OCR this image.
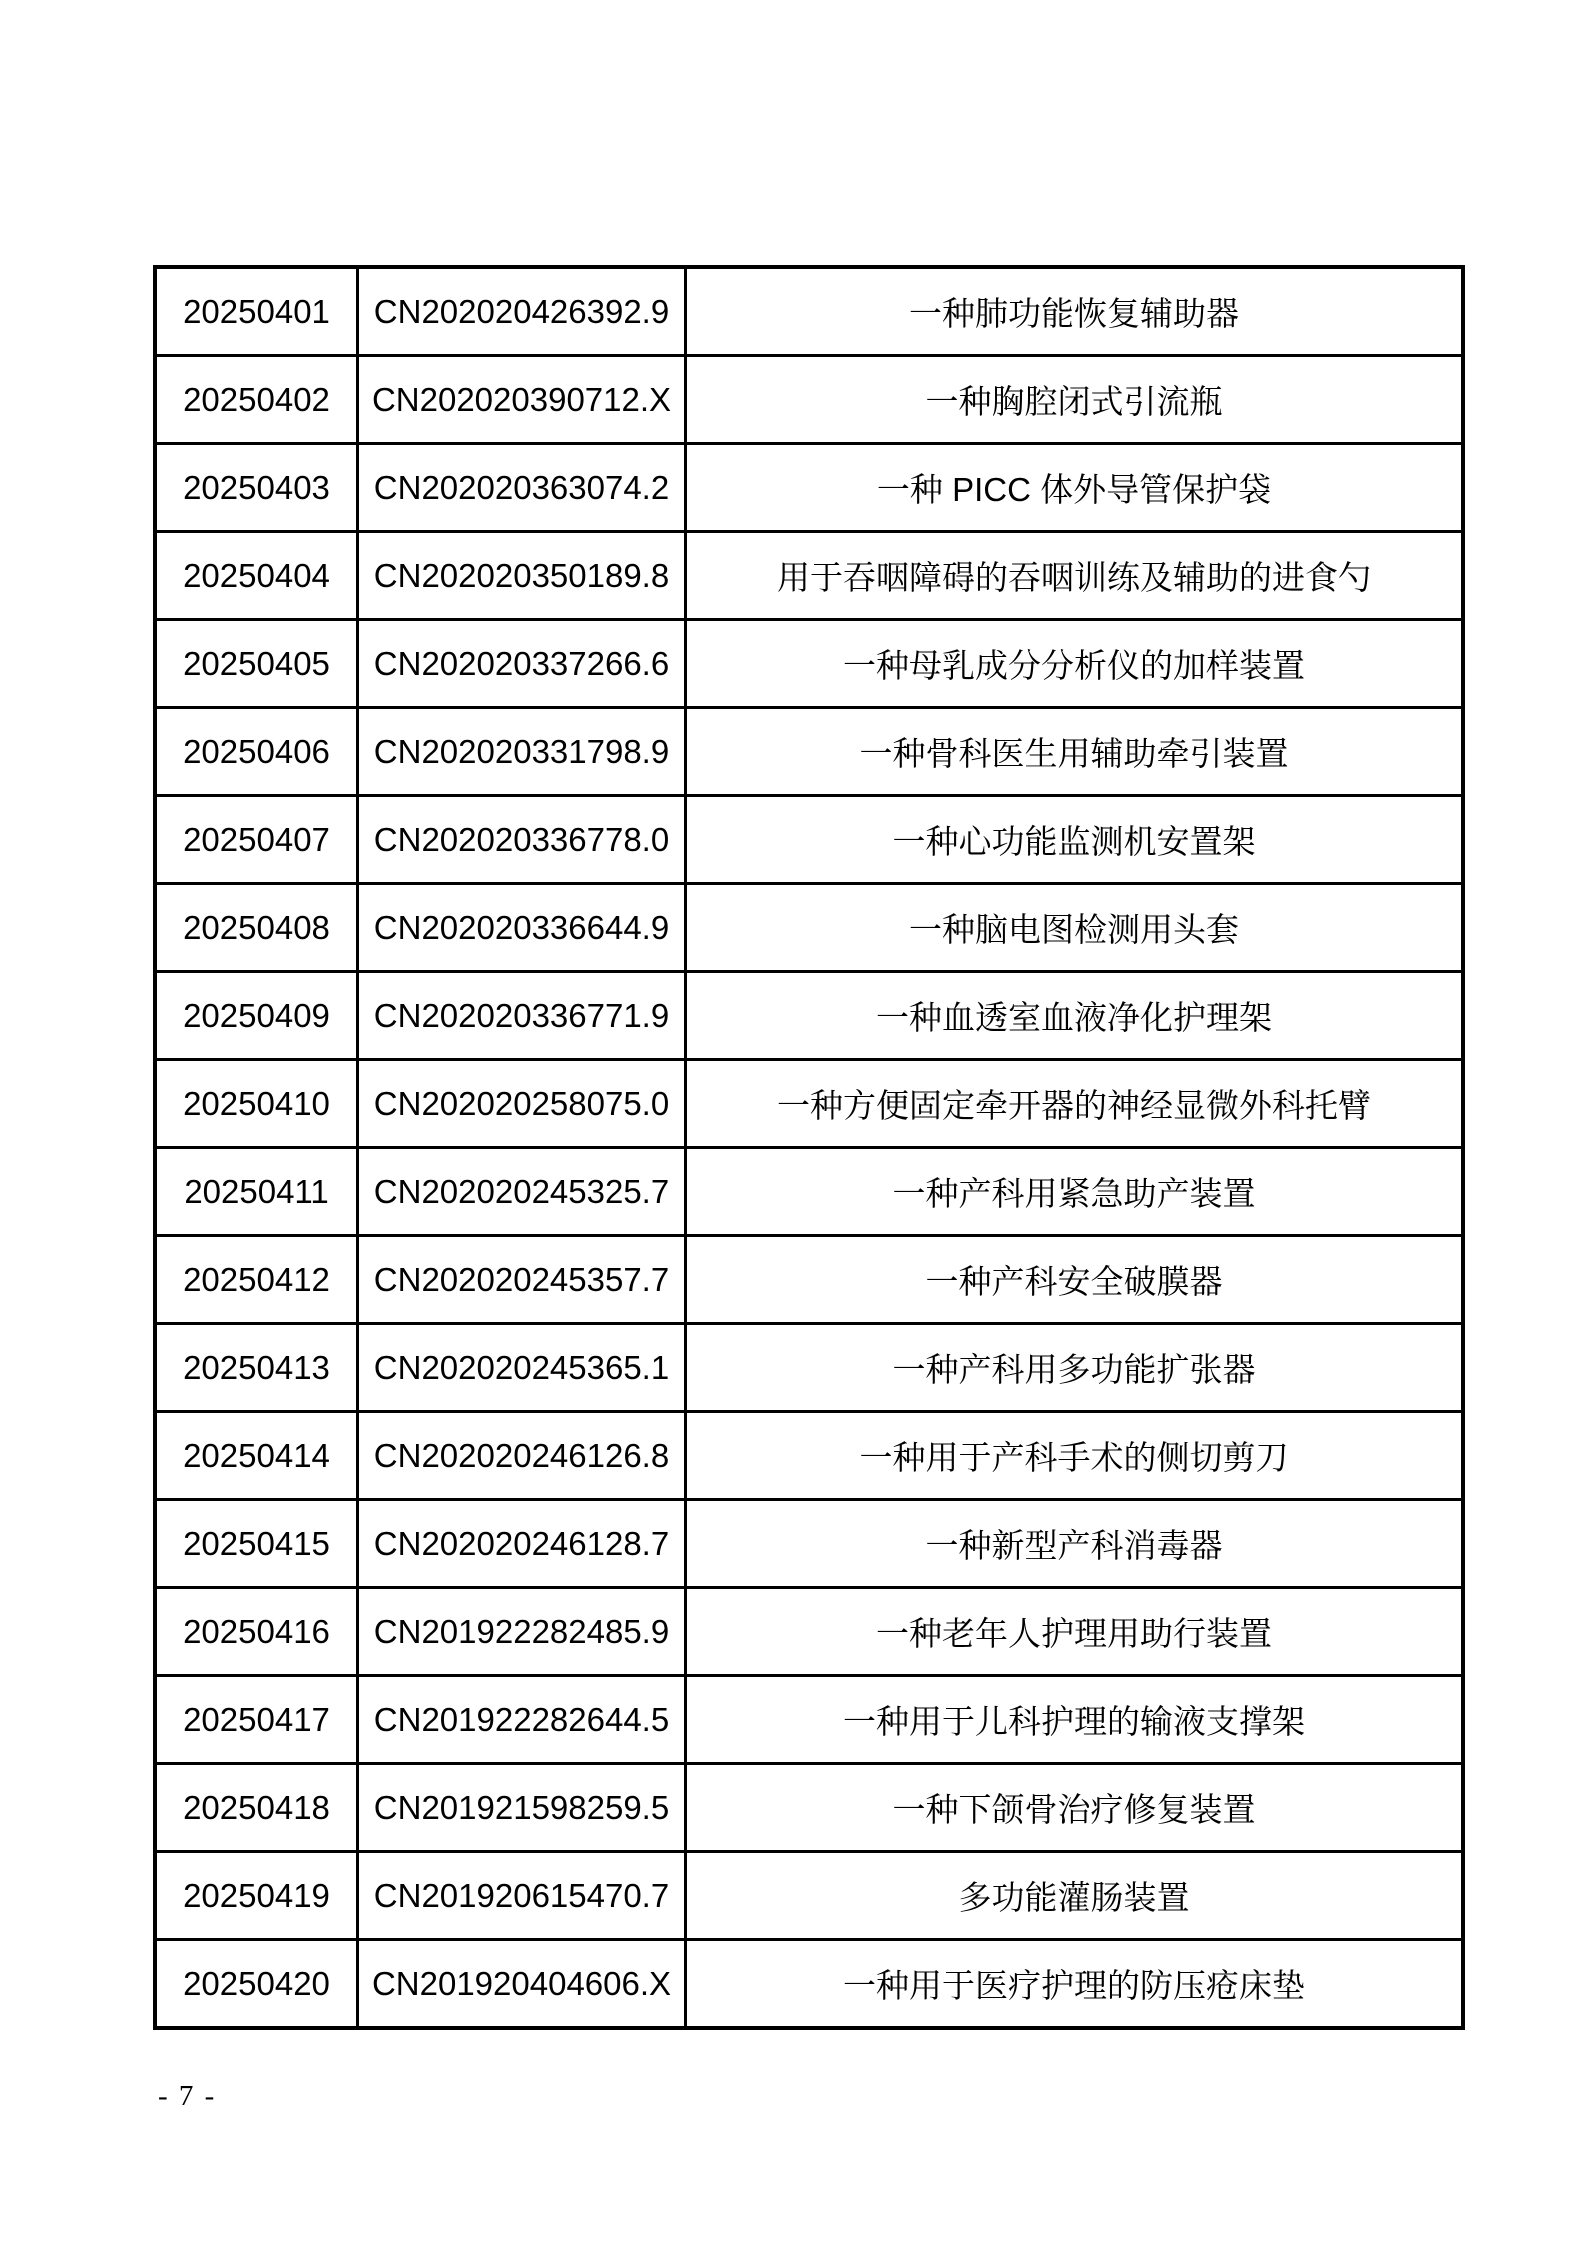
20250401	CN202020426392.9	一种肺功能恢复辅助器
20250402	CN202020390712.X	一种胸腔闭式引流瓶
20250403	CN202020363074.2	一种 PICC 体外导管保护袋
20250404	CN202020350189.8	用于吞咽障碍的吞咽训练及辅助的进食勺
20250405	CN202020337266.6	一种母乳成分分析仪的加样装置
20250406	CN202020331798.9	一种骨科医生用辅助牵引装置
20250407	CN202020336778.0	一种心功能监测机安置架
20250408	CN202020336644.9	一种脑电图检测用头套
20250409	CN202020336771.9	一种血透室血液净化护理架
20250410	CN202020258075.0	一种方便固定牵开器的神经显微外科托臂
20250411	CN202020245325.7	一种产科用紧急助产装置
20250412	CN202020245357.7	一种产科安全破膜器
20250413	CN202020245365.1	一种产科用多功能扩张器
20250414	CN202020246126.8	一种用于产科手术的侧切剪刀
20250415	CN202020246128.7	一种新型产科消毒器
20250416	CN201922282485.9	一种老年人护理用助行装置
20250417	CN201922282644.5	一种用于儿科护理的输液支撑架
20250418	CN201921598259.5	一种下颌骨治疗修复装置
20250419	CN201920615470.7	多功能灌肠装置
20250420	CN201920404606.X	一种用于医疗护理的防压疮床垫
- 7 -
